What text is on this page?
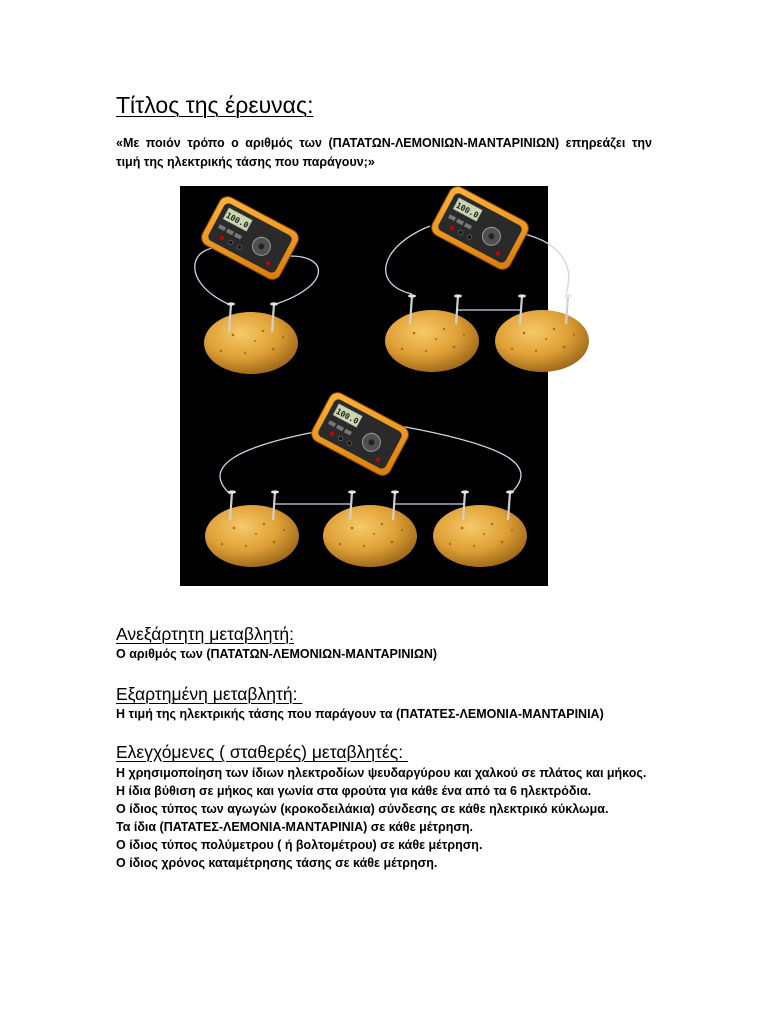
Τίτλος της έρευνας:

«Με ποιόν τρόπο ο αριθμός των (ΠΑΤΑΤΩΝ-ΛΕΜΟΝΙΩΝ-ΜΑΝΤΑΡΙΝΙΩΝ) επηρεάζει την τιμή της ηλεκτρικής τάσης που παράγουν;»

100.0
Ανεξάρτητη μεταβλητή:

Ο αριθμός των (ΠΑΤΑΤΩΝ-ΛΕΜΟΝΙΩΝ-ΜΑΝΤΑΡΙΝΙΩΝ)

Εξαρτημένη μεταβλητή:

Η τιμή της ηλεκτρικής τάσης που παράγουν τα (ΠΑΤΑΤΕΣ-ΛΕΜΟΝΙΑ-ΜΑΝΤΑΡΙΝΙΑ)

Ελεγχόμενες ( σταθερές) μεταβλητές:

Η χρησιμοποίηση των ίδιων ηλεκτροδίων ψευδαργύρου και χαλκού σε πλάτος και μήκος.

Η ίδια βύθιση σε μήκος και γωνία στα φρούτα για κάθε ένα από τα 6 ηλεκτρόδια.

Ο ίδιος τύπος των αγωγών (κροκοδειλάκια) σύνδεσης σε κάθε ηλεκτρικό κύκλωμα.

Τα ίδια (ΠΑΤΑΤΕΣ-ΛΕΜΟΝΙΑ-ΜΑΝΤΑΡΙΝΙΑ) σε κάθε μέτρηση.

Ο ίδιος τύπος πολύμετρου ( ή βολτομέτρου) σε κάθε μέτρηση.

Ο ίδιος χρόνος καταμέτρησης τάσης σε κάθε μέτρηση.
